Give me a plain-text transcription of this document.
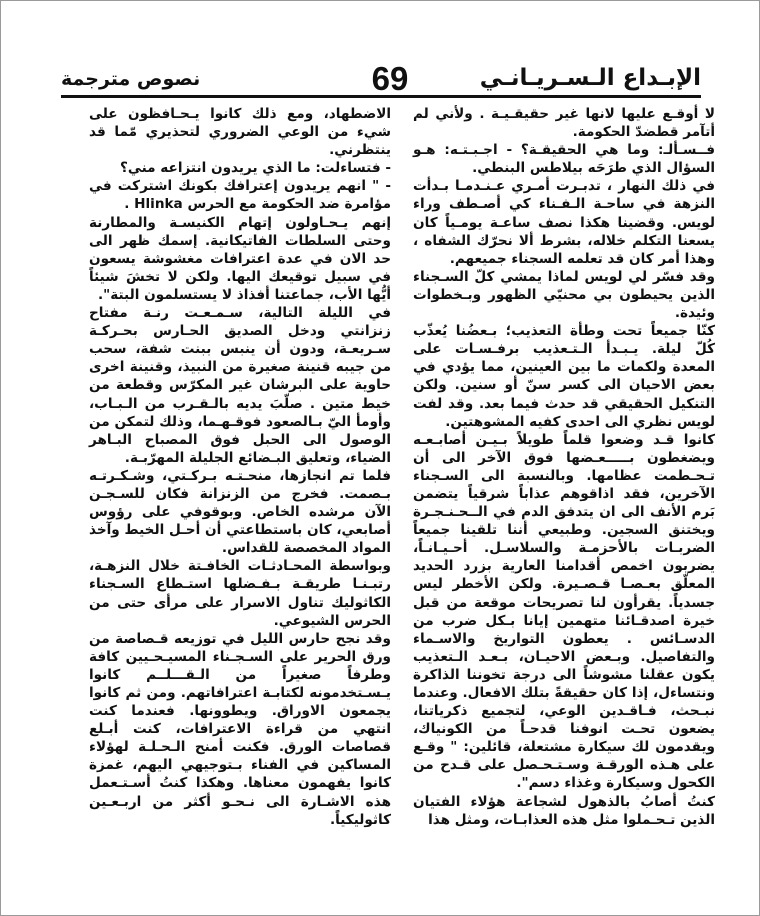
الإبـداع الـسـريـانـي
69
نصوص مترجمة

لا أوقـع عليها لانها غير حقيقـيـة . ولأني لم أتآمر قطضدّ الحكومة.

فــسـألـ: وما هي الحقيقـة؟ - اجـبـتـه: هـو السؤال الذي طرَحَه بيلاطس البنطي.

في ذلك النهار ، تدبـرت أمـري عـنـدمـا بـدأت النزهة في ساحـة الـفـناء كي أصـطف وراء لويس. وقضينا هكذا نصف ساعـة يومـياً كان يسعنا التكلم خلاله، بشرط ألا نحرّك الشفاه ، وهذا أمر كان قد تعلمه السجناء جميعهم.

وقد فسّر لي لويس لماذا يمشي كلّ السـجناء الذين يحيطون بي محنيّي الظهور وبـخطوات وئيدة.

كنّا جميعاً تحت وطأة التعذيب؛ بـعضُنا يُعذّب كُلّ ليلة. يـبـدأ الـتـعذيب برفـسـات على المعدة ولكمات ما بين العينين، مما يؤدي في بعض الاحيان الى كسر سنّ أو سنين. ولكن التنكيل الحقيقي قد حدث فيما بعد. وقد لفت لويس نظري الى احدى كفيه المشوهتين.

كانوا قـد وضعوا قلماً طويلاً بـيـن أصابـعـه ويضغطون بـــــعـضها فوق الآخر الى أن تـحـطمت عظامها. وبالنسبة الى السـجناء الآخرين، فقد اذاقوهم عذاباً شرقياً يتضمن بَرم الأنف الى ان يتدفق الدم في الــحـنـجـرة ويختنق السجين. وطبيعي أننا تلقينا جميعاً الضربـات بالأحزمـة والسلاسـل. أحـيـانـاً، يضربون اخمص أقدامنا العارية بزرد الحديد المعلّق بعـصـا قـصـيرة. ولكن الأخطر ليس جسدياً. يقرأون لنا تصريحات موقعة من قبل خيرة اصدقـائنا متهمين إيانا بـكل ضرب من الدسـائس . يعطون التواريخ والاسـماء والتفاصيل. وبـعض الاحيـان، بـعـد الـتعذيب يكون عقلنا مشوشاً الى درجة تخوننا الذاكرة ونتساءل، إذا كان حقيقةً بتلك الافعال. وعندما نبـحث، فـاقـدين الوعي، لتجميع ذكرياتنا، يضعون تحـت انوفنا قدحـاً من الكونياك، ويقدمون لك سيكارة مشتعلة، قائلين: " وقـع على هـذه الورقـة وسـتـحـصل على قـدح من الكحول وسيكارة وغذاء دسم".

كنتُ أصابُ بالذهول لشجاعة هؤلاء الفتيان الذين تـحـملوا مثل هذه العذابـات، ومثل هذا

الاضطهاد، ومع ذلك كانوا يـحـافظون على شيء من الوعي الضروري لتحذيري مّما قد ينتظرني.

- فتساءلت: ما الذي يريدون انتزاعه مني؟

- " انهم يريدون إعترافك بكونك اشتركت في مؤامرة ضد الحكومة مع الحرس Hlinka .

إنهم يـحـاولون إتهام الكنيسـة والمطارنة وحتى السلطات الفاتيكانية. إسمك ظهر الى حد الان في عدة اعترافات مغشوشة يسعون في سبيل توقيعك اليها. ولكن لا تخشَ شيئاً أيُّها الأب، جماعتنا أفذاذ لا يستسلمون البتة".

في الليلة التالية، سـمـعـت رنـة مفتاح زنزانتي ودخل الصديق الحـارس بحـركـة سـريعـة، ودون أن ينبس ببنت شفة، سحب من جيبه قنينة صغيرة من النبيذ، وقنينة اخرى حاوية على البرشان غير المكرّس وقطعة من خيط متين . صلّبَ يديه بالـقـرب من الـبـاب، وأومأ اليّ بـالصعود فوقـهـما، وذلك لتمكن من الوصول الى الحبل فوق المصباح البـاهر الضياء، وتعليق البـضائع الجليلة المهرّبـة.

فلما تم انجازها، منحـتـه بـركـتي، وشـكـرتـه بـصمت. فخرج من الزنزانة فكان للسـجـن الآن مرشده الخاص. وبوقوفي على رؤوس أصابعي، كان باستطاعتي أن أحـل الخيط وآخذ المواد المخصصة للقداس.

وبواسطة المحـادثـات الخافـتة خلال النزهـة، رتبـنـا طريقـة بـفـضلها استـطاع السـجناء الكاثوليك تناول الاسرار على مرأى حتى من الحرس الشيوعي.

وقد نجح حارس الليل في توزيعه قـصاصة من ورق الحرير على السـجـناء المسيـحـيين كافة وطرفاً صغيراً من الـقـــلــم كانوا يـسـتخدمونه لكتابـة اعترافاتهم. ومن ثم كانوا يجمعون الاوراق. ويطوونها. فعندما كنت انتهي من قراءة الاعترافات، كنت أبـلع قصاصات الورق. فكنت أمنح الـحـلـة لهؤلاء المساكين في الفناء بـتوجيهي اليهم، غمزة كانوا يفهمون معناها. وهكذا كنتُ أسـتـعمل هذه الاشـارة الى نـحـو أكثر من اربـعـين كاثوليكياً.
